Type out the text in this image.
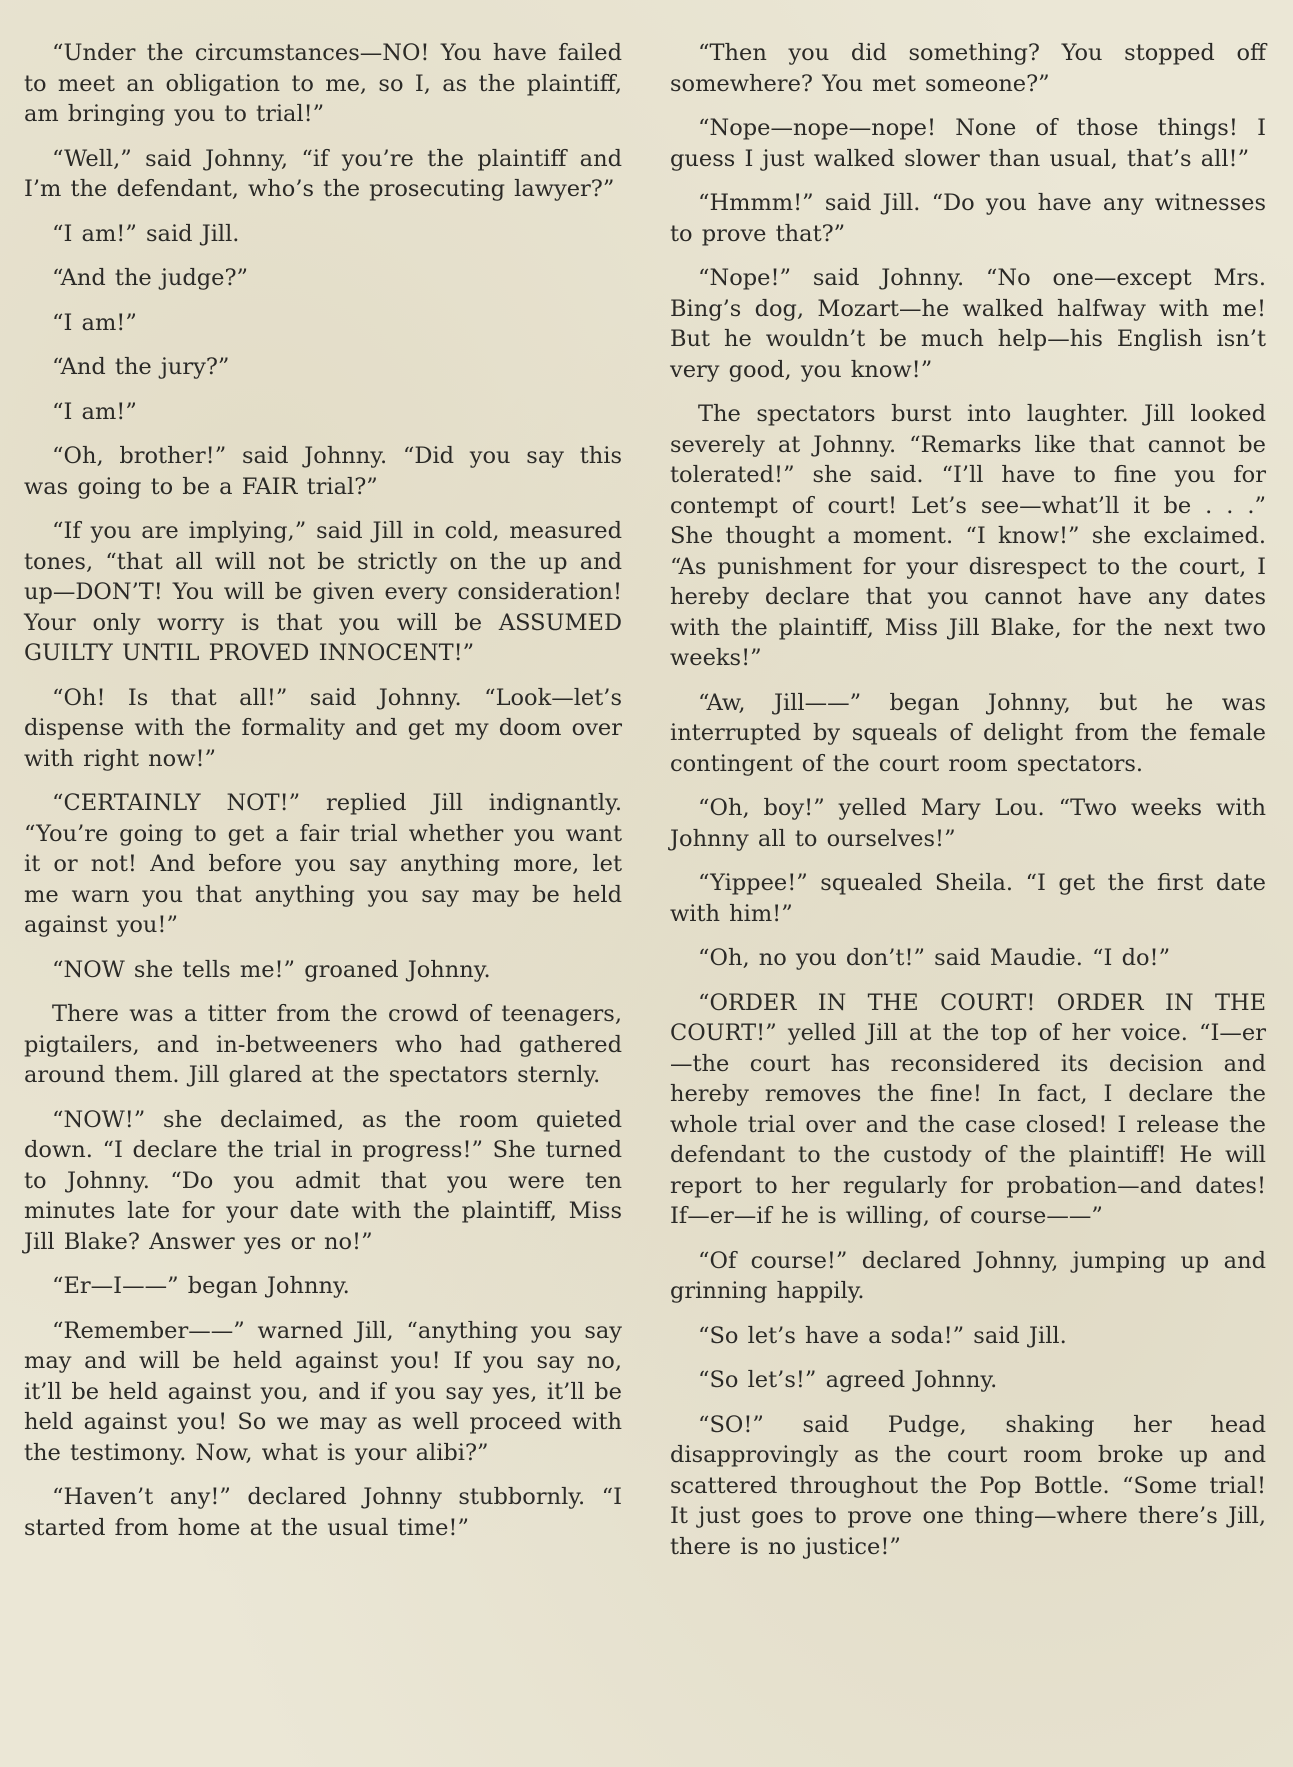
“Under the circumstances—NO! You have failed to meet an obligation to me, so I, as the plaintiff, am bringing you to trial!”

“Well,” said Johnny, “if you’re the plaintiff and I’m the defendant, who’s the prosecuting lawyer?”

“I am!” said Jill.

“And the judge?”

“I am!”

“And the jury?”

“I am!”

“Oh, brother!” said Johnny. “Did you say this was going to be a FAIR trial?”

“If you are implying,” said Jill in cold, measured tones, “that all will not be strictly on the up and up—DON’T! You will be given every consideration! Your only worry is that you will be ASSUMED GUILTY UNTIL PROVED INNOCENT!”

“Oh! Is that all!” said Johnny. “Look—let’s dispense with the formality and get my doom over with right now!”

“CERTAINLY NOT!” replied Jill indignantly. “You’re going to get a fair trial whether you want it or not! And before you say anything more, let me warn you that anything you say may be held against you!”

“NOW she tells me!” groaned Johnny.

There was a titter from the crowd of teenagers, pigtailers, and in-betweeners who had gathered around them. Jill glared at the spectators sternly.

“NOW!” she declaimed, as the room quieted down. “I declare the trial in progress!” She turned to Johnny. “Do you admit that you were ten minutes late for your date with the plaintiff, Miss Jill Blake? Answer yes or no!”

“Er—I——” began Johnny.

“Remember——” warned Jill, “anything you say may and will be held against you! If you say no, it’ll be held against you, and if you say yes, it’ll be held against you! So we may as well proceed with the testimony. Now, what is your alibi?”

“Haven’t any!” declared Johnny stubbornly. “I started from home at the usual time!”

“Then you did something? You stopped off somewhere? You met someone?”

“Nope—nope—nope! None of those things! I guess I just walked slower than usual, that’s all!”

“Hmmm!” said Jill. “Do you have any witnesses to prove that?”

“Nope!” said Johnny. “No one—except Mrs. Bing’s dog, Mozart—he walked halfway with me! But he wouldn’t be much help—his English isn’t very good, you know!”

The spectators burst into laughter. Jill looked severely at Johnny. “Remarks like that cannot be tolerated!” she said. “I’ll have to fine you for contempt of court! Let’s see—what’ll it be . . .” She thought a moment. “I know!” she exclaimed. “As punishment for your disrespect to the court, I hereby declare that you cannot have any dates with the plaintiff, Miss Jill Blake, for the next two weeks!”

“Aw, Jill——” began Johnny, but he was interrupted by squeals of delight from the female contingent of the court room spectators.

“Oh, boy!” yelled Mary Lou. “Two weeks with Johnny all to ourselves!”

“Yippee!” squealed Sheila. “I get the first date with him!”

“Oh, no you don’t!” said Maudie. “I do!”

“ORDER IN THE COURT! ORDER IN THE COURT!” yelled Jill at the top of her voice. “I—er—the court has reconsidered its decision and hereby removes the fine! In fact, I declare the whole trial over and the case closed! I release the defendant to the custody of the plaintiff! He will report to her regularly for probation—and dates! If—er—if he is willing, of course——”

“Of course!” declared Johnny, jumping up and grinning happily.

“So let’s have a soda!” said Jill.

“So let’s!” agreed Johnny.

“SO!” said Pudge, shaking her head disapprovingly as the court room broke up and scattered throughout the Pop Bottle. “Some trial! It just goes to prove one thing—where there’s Jill, there is no justice!”
